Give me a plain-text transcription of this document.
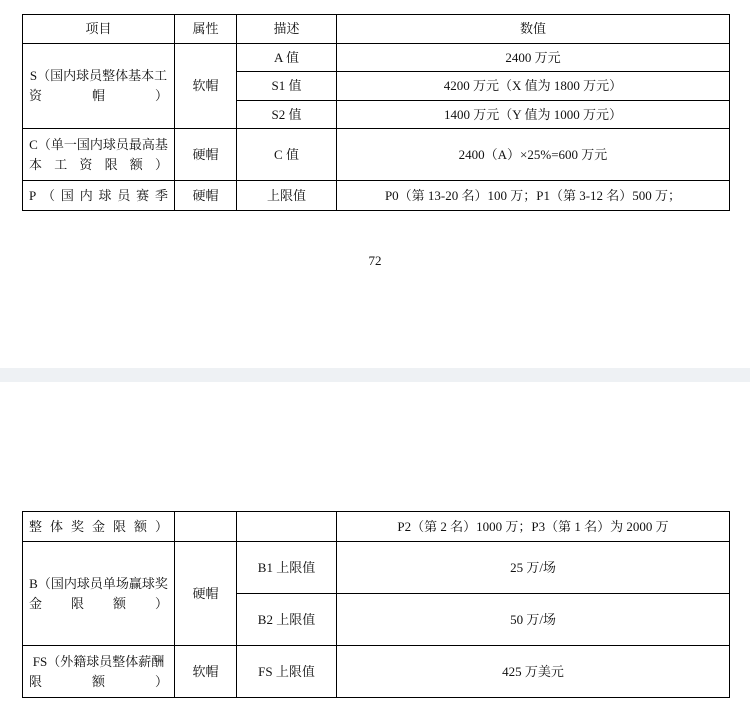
项目	属性	描述	数值
S（国内球员整体基本工资帽）	软帽	A 值	2400 万元
		S1 值	4200 万元（X 值为 1800 万元）
		S2 值	1400 万元（Y 值为 1000 万元）
C（单一国内球员最高基本工资限额）	硬帽	C 值	2400（A）×25%=600 万元
P（国内球员赛季	硬帽	上限值	P0（第 13-20 名）100 万；P1（第 3-12 名）500 万；
72
整体奖金限额）			P2（第 2 名）1000 万；P3（第 1 名）为 2000 万
B（国内球员单场赢球奖金限额）	硬帽	B1 上限值	25 万/场
		B2 上限值	50 万/场
FS（外籍球员整体薪酬限额）	软帽	FS 上限值	425 万美元
